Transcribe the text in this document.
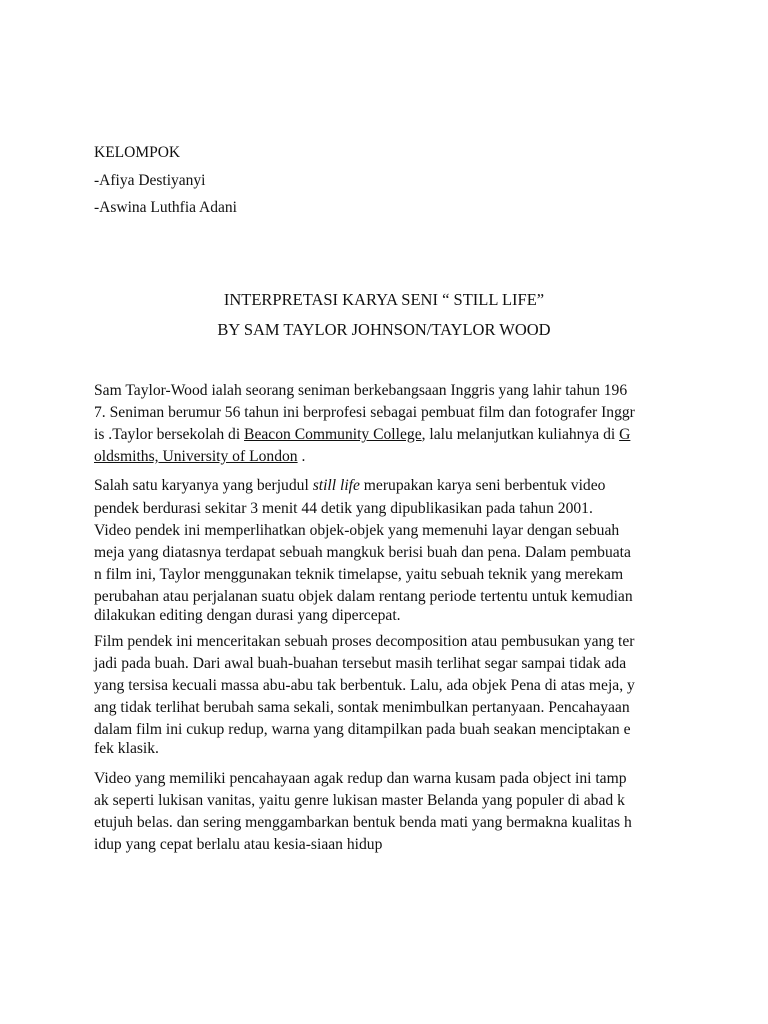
KELOMPOK
-Afiya Destiyanyi
-Aswina Luthfia Adani
INTERPRETASI KARYA SENI “ STILL LIFE”
BY SAM TAYLOR JOHNSON/TAYLOR WOOD
Sam Taylor-Wood ialah seorang seniman berkebangsaan Inggris yang lahir tahun 196
7. Seniman berumur 56 tahun ini berprofesi sebagai pembuat film dan fotografer Inggr
is .Taylor bersekolah di Beacon Community College, lalu melanjutkan kuliahnya di G
oldsmiths, University of London .
Salah satu karyanya yang berjudul still life merupakan karya seni berbentuk video
pendek berdurasi sekitar 3 menit 44 detik yang dipublikasikan pada tahun 2001.
Video pendek ini memperlihatkan objek-objek yang memenuhi layar dengan sebuah
meja yang diatasnya terdapat sebuah mangkuk berisi buah dan pena. Dalam pembuata
n film ini, Taylor menggunakan teknik timelapse, yaitu sebuah teknik yang merekam
perubahan atau perjalanan suatu objek dalam rentang periode tertentu untuk kemudian
dilakukan editing dengan durasi yang dipercepat.
Film pendek ini menceritakan sebuah proses decomposition atau pembusukan yang ter
jadi pada buah. Dari awal buah-buahan tersebut masih terlihat segar sampai tidak ada
yang tersisa kecuali massa abu-abu tak berbentuk. Lalu, ada objek Pena di atas meja, y
ang tidak terlihat berubah sama sekali, sontak menimbulkan pertanyaan. Pencahayaan
dalam film ini cukup redup, warna yang ditampilkan pada buah seakan menciptakan e
fek klasik.
Video yang memiliki pencahayaan agak redup dan warna kusam pada object ini tamp
ak seperti lukisan vanitas, yaitu genre lukisan master Belanda yang populer di abad k
etujuh belas. dan sering menggambarkan bentuk benda mati yang bermakna kualitas h
idup yang cepat berlalu atau kesia-siaan hidup
